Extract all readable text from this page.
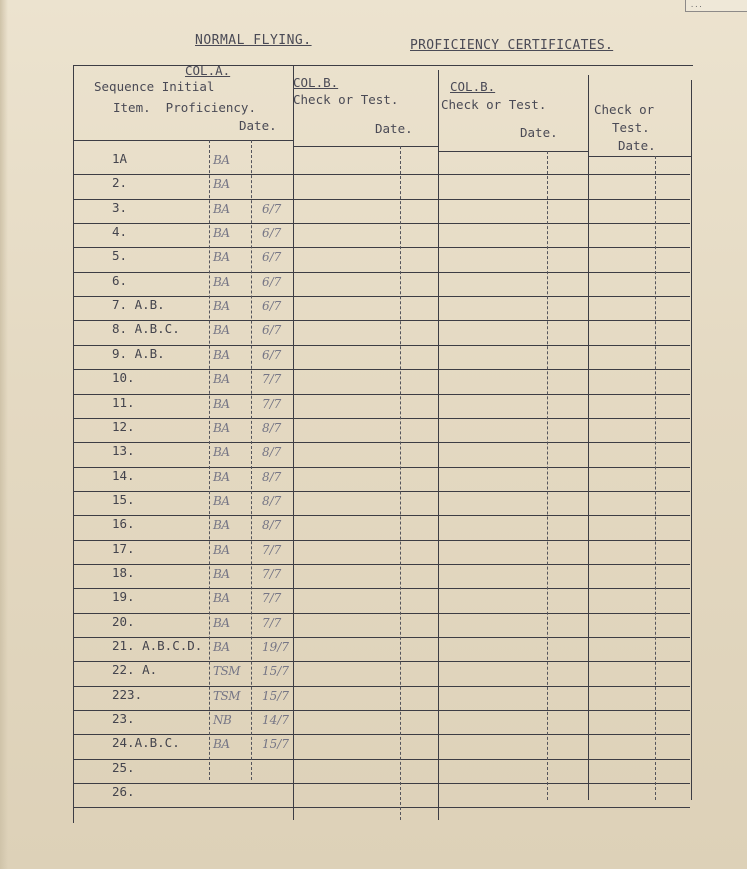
...
NORMAL FLYING.	PROFICIENCY CERTIFICATES.
COL.A.
Sequence Initial
Item.  Proficiency.
Date.
COL.B.
Check or Test.
Date.
COL.B.
Check or Test.
Date.
Check or
Test.
Date.
1A	BA
2.	BA
3.	BA	6/7
4.	BA	6/7
5.	BA	6/7
6.	BA	6/7
7. A.B.	BA	6/7
8. A.B.C.	BA	6/7
9. A.B.	BA	6/7
10.	BA	7/7
11.	BA	7/7
12.	BA	8/7
13.	BA	8/7
14.	BA	8/7
15.	BA	8/7
16.	BA	8/7
17.	BA	7/7
18.	BA	7/7
19.	BA	7/7
20.	BA	7/7
21. A.B.C.D. BA	19/7
22. A.	TSM 15/7
223.	TSM 15/7
23.	NB	14/7
24.A.B.C.	BA	15/7
25.
26.
